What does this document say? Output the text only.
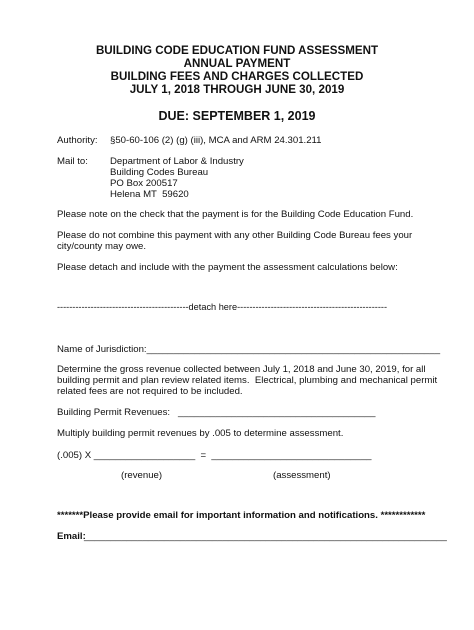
BUILDING CODE EDUCATION FUND ASSESSMENT
ANNUAL PAYMENT
BUILDING FEES AND CHARGES COLLECTED
JULY 1, 2018 THROUGH JUNE 30, 2019
DUE: SEPTEMBER 1, 2019
Authority: §50-60-106 (2) (g) (iii), MCA and ARM 24.301.211
Mail to: Department of Labor & Industry
Building Codes Bureau
PO Box 200517
Helena MT  59620
Please note on the check that the payment is for the Building Code Education Fund.
Please do not combine this payment with any other Building Code Bureau fees your
city/county may owe.
Please detach and include with the payment the assessment calculations below:
-------------------------------------------detach here-------------------------------------------------
Name of Jurisdiction:_______________________________________________________
Determine the gross revenue collected between July 1, 2018 and June 30, 2019, for all
building permit and plan review related items.  Electrical, plumbing and mechanical permit
related fees are not required to be included.
Building Permit Revenues:   _____________________________________
Multiply building permit revenues by .005 to determine assessment.
(.005) X ___________________  =  ______________________________
(revenue)	(assessment)
*******Please provide email for important information and notifications. ************
Email:
____________________________________________________________________
